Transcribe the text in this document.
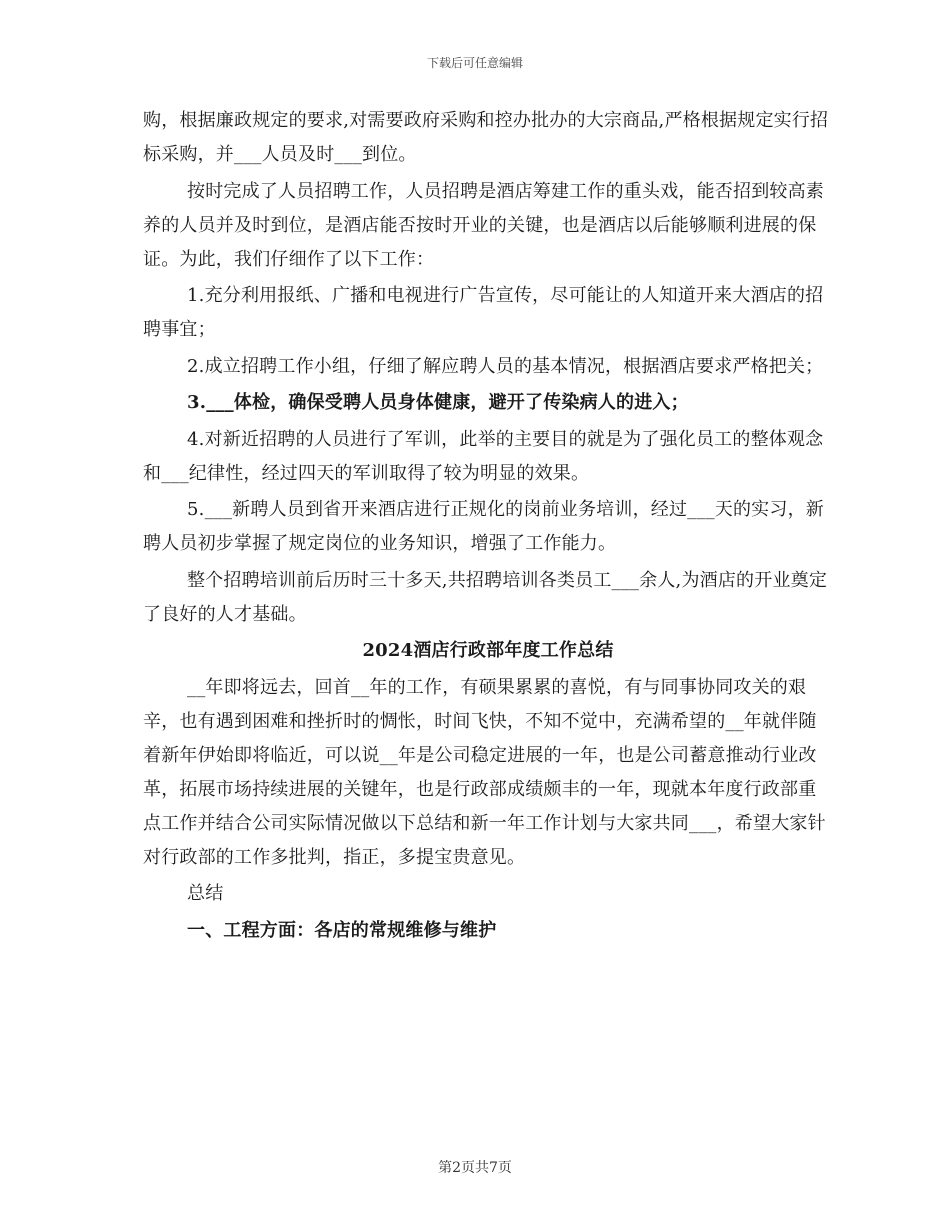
下载后可任意编辑

购，根据廉政规定的要求,对需要政府采购和控办批办的大宗商品,严格根据规定实行招标采购，并___人员及时___到位。

按时完成了人员招聘工作，人员招聘是酒店筹建工作的重头戏，能否招到较高素养的人员并及时到位，是酒店能否按时开业的关键，也是酒店以后能够顺利进展的保证。为此，我们仔细作了以下工作：

1.充分利用报纸、广播和电视进行广告宣传，尽可能让的人知道开来大酒店的招聘事宜；

2.成立招聘工作小组，仔细了解应聘人员的基本情况，根据酒店要求严格把关；

3.___体检，确保受聘人员身体健康，避开了传染病人的进入；

4.对新近招聘的人员进行了军训，此举的主要目的就是为了强化员工的整体观念和___纪律性，经过四天的军训取得了较为明显的效果。

5.___新聘人员到省开来酒店进行正规化的岗前业务培训，经过___天的实习，新聘人员初步掌握了规定岗位的业务知识，增强了工作能力。

整个招聘培训前后历时三十多天,共招聘培训各类员工___余人,为酒店的开业奠定了良好的人才基础。

2024酒店行政部年度工作总结

__年即将远去，回首__年的工作，有硕果累累的喜悦，有与同事协同攻关的艰辛，也有遇到困难和挫折时的惆怅，时间飞快，不知不觉中，充满希望的__年就伴随着新年伊始即将临近，可以说__年是公司稳定进展的一年，也是公司蓄意推动行业改革，拓展市场持续进展的关键年，也是行政部成绩颇丰的一年，现就本年度行政部重点工作并结合公司实际情况做以下总结和新一年工作计划与大家共同___，希望大家针对行政部的工作多批判，指正，多提宝贵意见。

总结

一、工程方面：各店的常规维修与维护

第2页共7页
